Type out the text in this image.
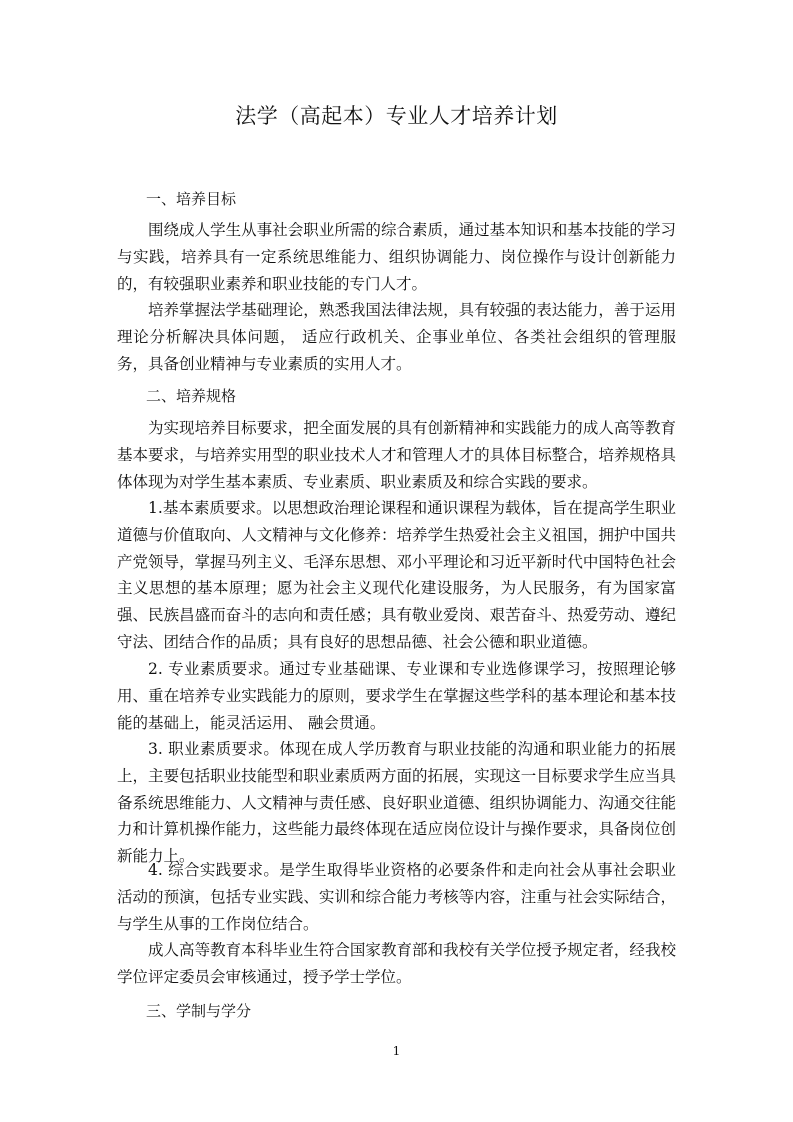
法学（高起本）专业人才培养计划
一、培养目标

围绕成人学生从事社会职业所需的综合素质，通过基本知识和基本技能的学习与实践，培养具有一定系统思维能力、组织协调能力、岗位操作与设计创新能力的，有较强职业素养和职业技能的专门人才。

培养掌握法学基础理论，熟悉我国法律法规，具有较强的表达能力，善于运用理论分析解决具体问题， 适应行政机关、企事业单位、各类社会组织的管理服务，具备创业精神与专业素质的实用人才。

二、培养规格

为实现培养目标要求，把全面发展的具有创新精神和实践能力的成人高等教育基本要求，与培养实用型的职业技术人才和管理人才的具体目标整合，培养规格具体体现为对学生基本素质、专业素质、职业素质及和综合实践的要求。

1.基本素质要求。以思想政治理论课程和通识课程为载体，旨在提高学生职业道德与价值取向、人文精神与文化修养：培养学生热爱社会主义祖国，拥护中国共产党领导，掌握马列主义、毛泽东思想、邓小平理论和习近平新时代中国特色社会主义思想的基本原理；愿为社会主义现代化建设服务，为人民服务，有为国家富强、民族昌盛而奋斗的志向和责任感；具有敬业爱岗、艰苦奋斗、热爱劳动、遵纪守法、团结合作的品质；具有良好的思想品德、社会公德和职业道德。

2. 专业素质要求。通过专业基础课、专业课和专业选修课学习，按照理论够用、重在培养专业实践能力的原则，要求学生在掌握这些学科的基本理论和基本技能的基础上，能灵活运用、 融会贯通。

3. 职业素质要求。体现在成人学历教育与职业技能的沟通和职业能力的拓展上，主要包括职业技能型和职业素质两方面的拓展，实现这一目标要求学生应当具备系统思维能力、人文精神与责任感、良好职业道德、组织协调能力、沟通交往能力和计算机操作能力，这些能力最终体现在适应岗位设计与操作要求，具备岗位创新能力上。

4. 综合实践要求。是学生取得毕业资格的必要条件和走向社会从事社会职业活动的预演，包括专业实践、实训和综合能力考核等内容，注重与社会实际结合，与学生从事的工作岗位结合。

成人高等教育本科毕业生符合国家教育部和我校有关学位授予规定者，经我校学位评定委员会审核通过，授予学士学位。

三、学制与学分
1
